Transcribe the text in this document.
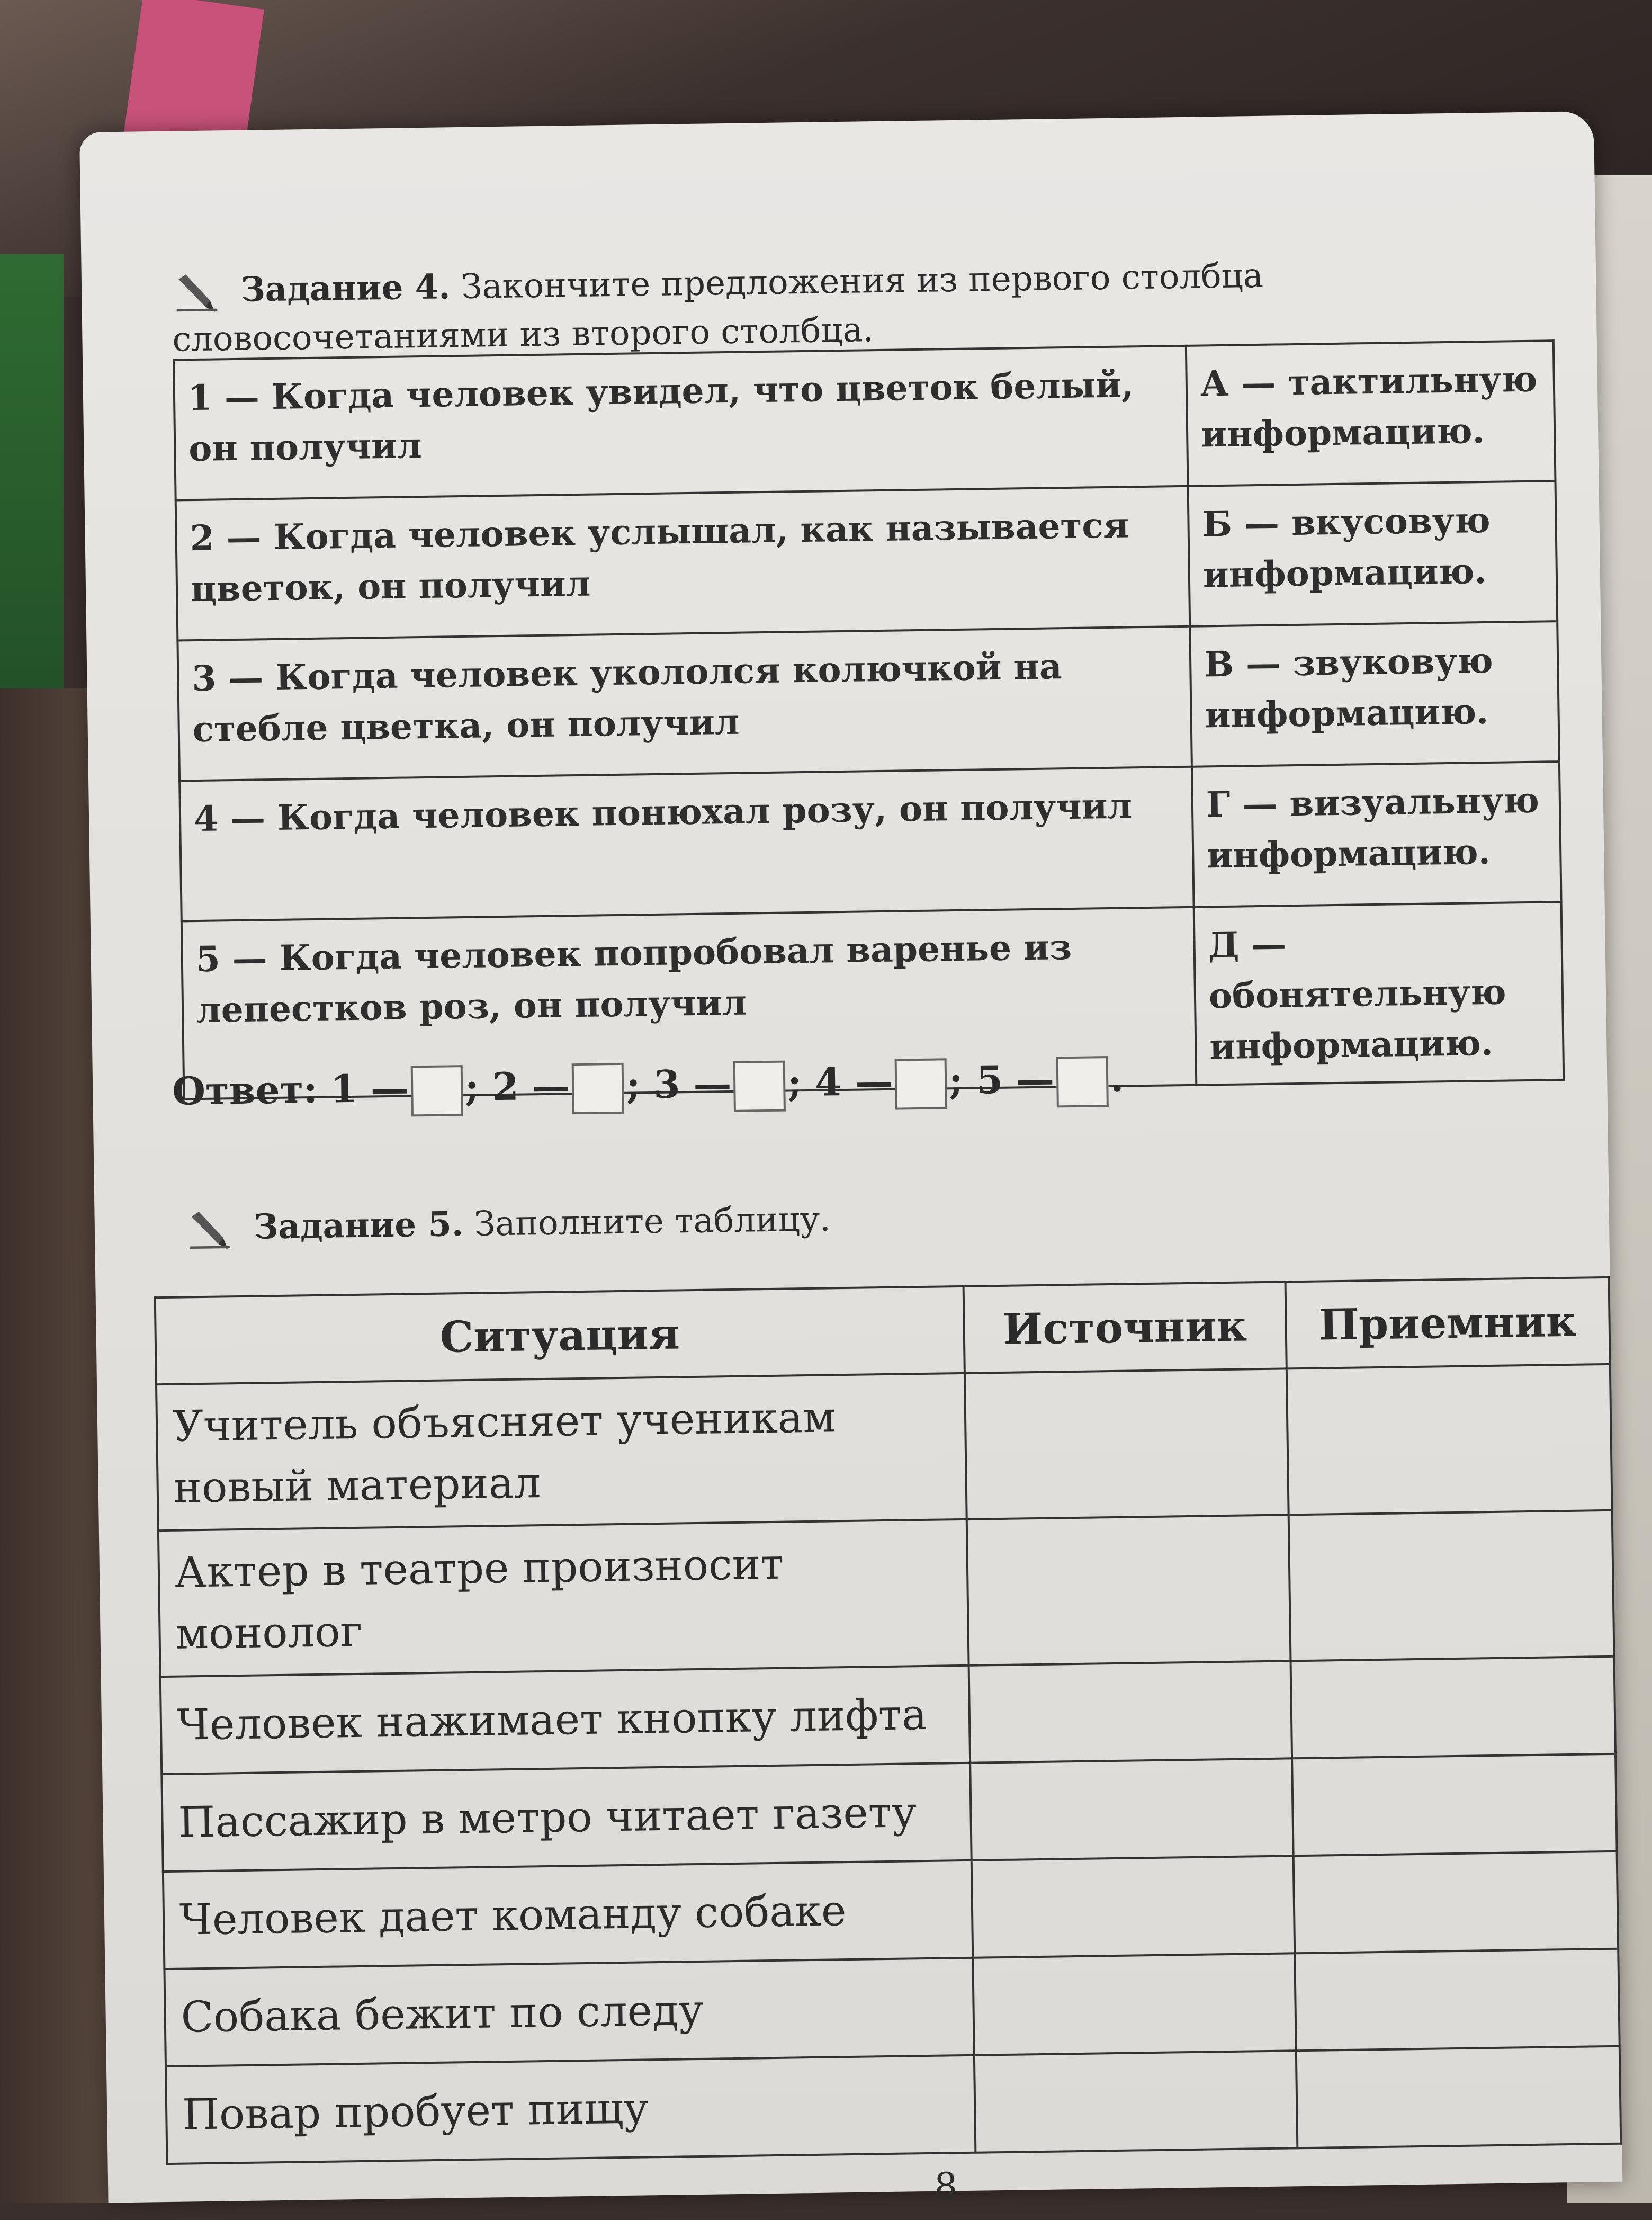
Задание 4. Закончите предложения из первого столбца словосочетаниями из второго столбца.
1 — Когда человек увидел, что цветок белый, он получил	А — тактильную информацию.
2 — Когда человек услышал, как называется цветок, он получил	Б — вкусовую информацию.
3 — Когда человек укололся колючкой на стебле цветка, он получил	В — звуковую информацию.
4 — Когда человек понюхал розу, он получил	Г — визуальную информацию.
5 — Когда человек попробовал варенье из лепестков роз, он получил	Д — обонятельную информацию.
Ответ: 1 — ; 2 — ; 3 — ; 4 — ; 5 — .
Задание 5. Заполните таблицу.
Ситуация	Источник	Приемник
Учитель объясняет ученикам новый материал		
Актер в театре произносит монолог		
Человек нажимает кнопку лифта		
Пассажир в метро читает газету		
Человек дает команду собаке		
Собака бежит по следу		
Повар пробует пищу		
8
